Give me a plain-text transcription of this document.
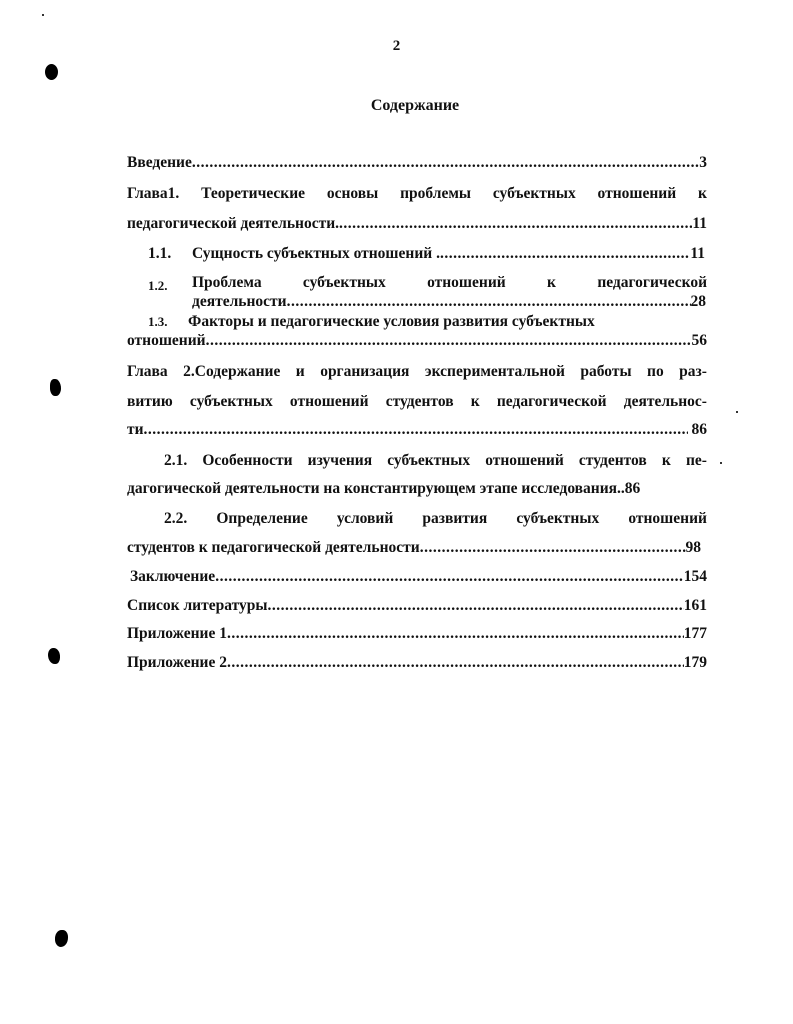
2
Содержание
Введение .....	3
Глава1. Теоретические основы проблемы субъектных отношений к
педагогической деятельности. .....	11
1.1.	Сущность субъектных отношений . .....	11
1.2. Проблема	субъектных	отношений	к	педагогической
деятельности .....	28
1.3. Факторы и педагогические условия развития субъектных
отношений .....	56
Глава 2.Содержание и организация экспериментальной работы по раз-
витию субъектных отношений студентов к педагогической деятельнос-
ти .....	86
2.1. Особенности изучения субъектных отношений студентов к пе-
дагогической деятельности на константирующем этапе исследования..86
2.2. Определение условий развития субъектных отношений
студентов к педагогической деятельности .....	98
Заключение .....	154
Список литературы .....	161
Приложение 1 .....	177
Приложение 2 .....	179
